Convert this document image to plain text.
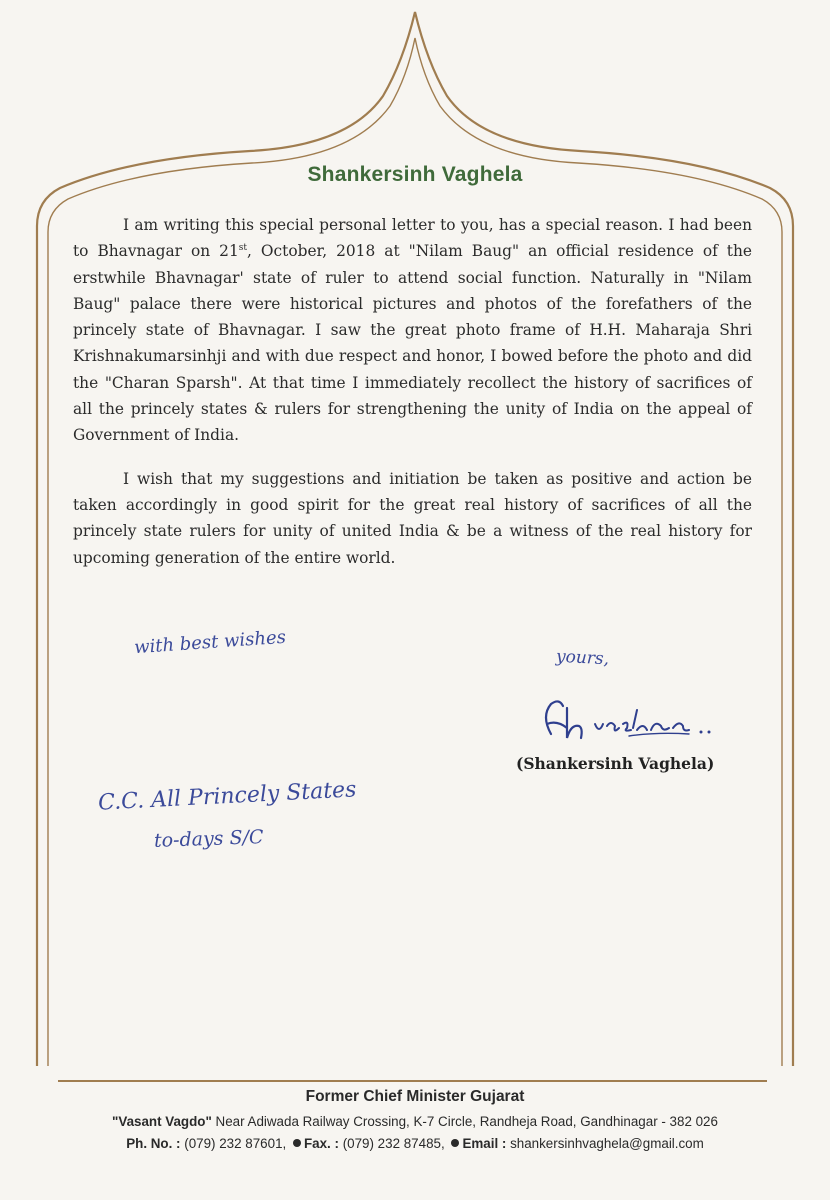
Shankersinh Vaghela

I am writing this special personal letter to you, has a special reason. I had been to Bhavnagar on 21st, October, 2018 at "Nilam Baug" an official residence of the erstwhile Bhavnagar' state of ruler to attend social function. Naturally in "Nilam Baug" palace there were historical pictures and photos of the forefathers of the princely state of Bhavnagar. I saw the great photo frame of H.H. Maharaja Shri Krishnakumarsinhji and with due respect and honor, I bowed before the photo and did the "Charan Sparsh". At that time I immediately recollect the history of sacrifices of all the princely states & rulers for strengthening the unity of India on the appeal of Government of India.

I wish that my suggestions and initiation be taken as positive and action be taken accordingly in good spirit for the great real history of sacrifices of all the princely state rulers for unity of united India & be a witness of the real history for upcoming generation of the entire world.

with best wishes	yours,
(Shankersinh Vaghela)
C.C. All Princely States
to-days S/C
Former Chief Minister Gujarat
"Vasant Vagdo" Near Adiwada Railway Crossing, K-7 Circle, Randheja Road, Gandhinagar - 382 026
Ph. No. : (079) 232 87601, Fax. : (079) 232 87485, Email : shankersinhvaghela@gmail.com
